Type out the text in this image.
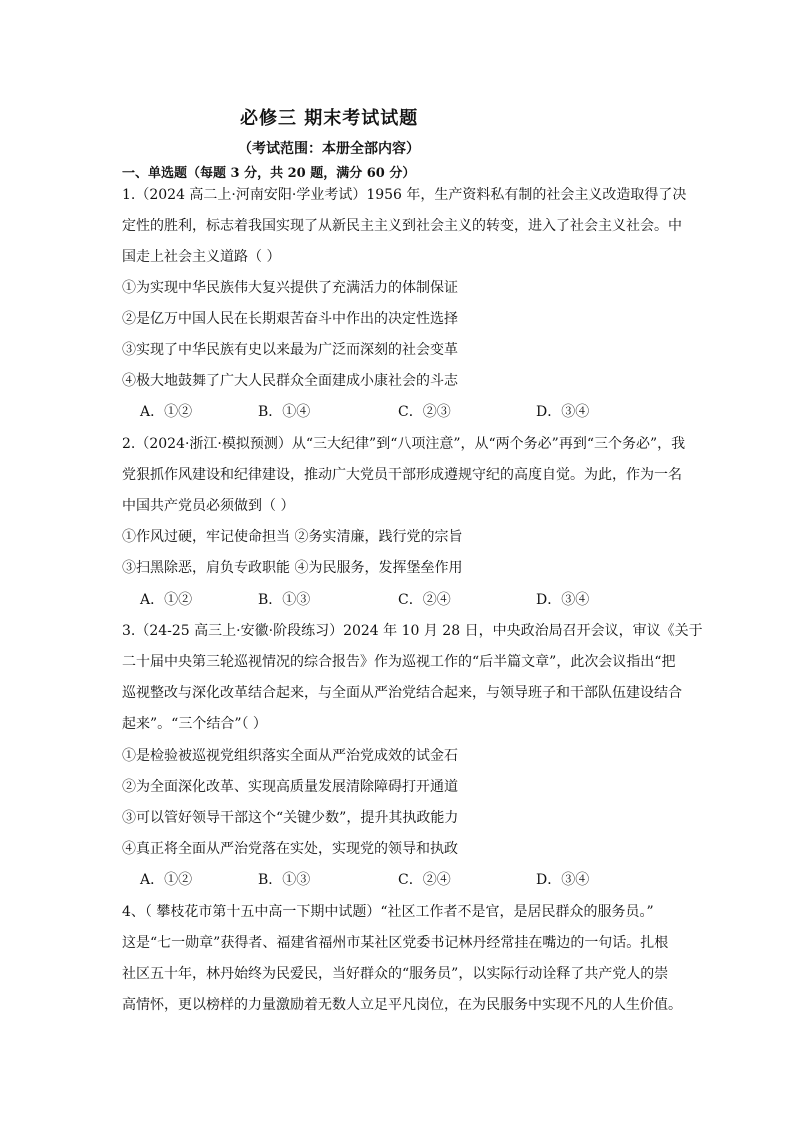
必修三 期末考试试题
（考试范围：本册全部内容）
一、单选题（每题 3 分，共 20 题，满分 60 分）
1.（2024 高二上·河南安阳·学业考试）1956 年，生产资料私有制的社会主义改造取得了决
定性的胜利，标志着我国实现了从新民主主义到社会主义的转变，进入了社会主义社会。中
国走上社会主义道路（ ）
①为实现中华民族伟大复兴提供了充满活力的体制保证
②是亿万中国人民在长期艰苦奋斗中作出的决定性选择
③实现了中华民族有史以来最为广泛而深刻的社会变革
④极大地鼓舞了广大人民群众全面建成小康社会的斗志
A．①②	B．①④	C．②③	D．③④
2.（2024·浙江·模拟预测）从“三大纪律”到“八项注意”，从“两个务必”再到“三个务必”，我
党狠抓作风建设和纪律建设，推动广大党员干部形成遵规守纪的高度自觉。为此，作为一名
中国共产党员必须做到（ ）
①作风过硬，牢记使命担当 ②务实清廉，践行党的宗旨
③扫黑除恶，肩负专政职能 ④为民服务，发挥堡垒作用
A．①②	B．①③	C．②④	D．③④
3.（24-25 高三上·安徽·阶段练习）2024 年 10 月 28 日，中央政治局召开会议，审议《关于
二十届中央第三轮巡视情况的综合报告》作为巡视工作的“后半篇文章”，此次会议指出“把
巡视整改与深化改革结合起来，与全面从严治党结合起来，与领导班子和干部队伍建设结合
起来”。“三个结合”（ ）
①是检验被巡视党组织落实全面从严治党成效的试金石
②为全面深化改革、实现高质量发展清除障碍打开通道
③可以管好领导干部这个“关键少数”，提升其执政能力
④真正将全面从严治党落在实处，实现党的领导和执政
A．①②	B．①③	C．②④	D．③④
4、（ 攀枝花市第十五中高一下期中试题）“社区工作者不是官，是居民群众的服务员。”
这是“七一勋章”获得者、福建省福州市某社区党委书记林丹经常挂在嘴边的一句话。扎根
社区五十年，林丹始终为民爱民，当好群众的“服务员”，以实际行动诠释了共产党人的崇
高情怀，更以榜样的力量激励着无数人立足平凡岗位，在为民服务中实现不凡的人生价值。
